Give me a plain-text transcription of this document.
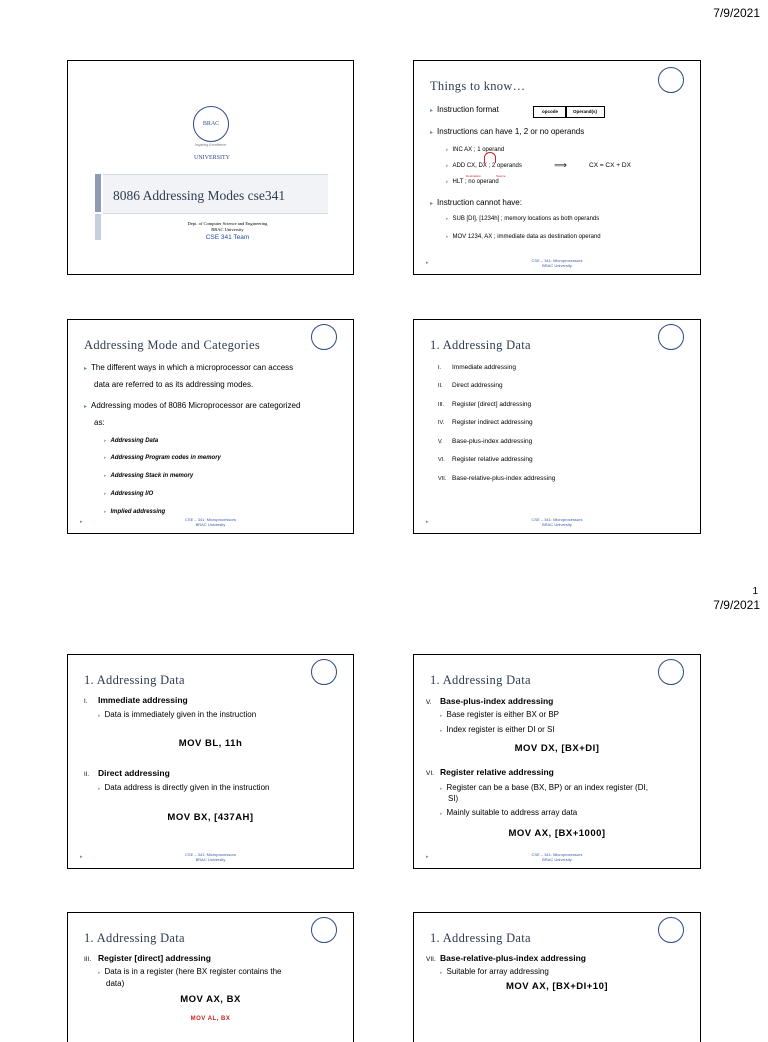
7/9/2021
1
7/9/2021
BRAC UNIVERSITY
Inspiring Excellence
8086 Addressing Modes cse341
Dept. of Computer Science and Engineering
BRAC University
CSE 341 Team
Things to know…
▸ Instruction format	opcode	Operand(s)
▸ Instructions can have 1, 2 or no operands
▸ INC AX ; 1 operand
▸ ADD CX, DX ; 2 operands	⟹	CX = CX + DX
Destination	Source
▸ HLT ; no operand
▸ Instruction cannot have:
▸ SUB [DI], [1234h] ; memory locations as both operands
▸ MOV 1234, AX ; immediate data as destination operand
▸	CSE – 341: Microprocessors
BRAC University
Addressing Mode and Categories
▸ The different ways in which a microprocessor can access
data are referred to as its addressing modes.
▸ Addressing modes of 8086 Microprocessor are categorized
as:
▸ Addressing Data
▸ Addressing Program codes in memory
▸ Addressing Stack in memory
▸ Addressing I/O
▸ Implied addressing
▸	CSE – 341: Microprocessors
BRAC University
1. Addressing Data
I. Immediate addressing
II. Direct addressing
III. Register [direct] addressing
IV. Register indirect addressing
V. Base-plus-index addressing
VI. Register relative addressing
VII. Base-relative-plus-index addressing
▸	CSE – 341: Microprocessors
BRAC University
1. Addressing Data
I. Immediate addressing
▸ Data is immediately given in the instruction
MOV BL, 11h
II. Direct addressing
▸ Data address is directly given in the instruction
MOV BX, [437AH]
▸	CSE – 341: Microprocessors
BRAC University
1. Addressing Data
V. Base-plus-index addressing
▸ Base register is either BX or BP
▸ Index register is either DI or SI
MOV DX, [BX+DI]
VI. Register relative addressing
▸ Register can be a base (BX, BP) or an index register (DI,
SI)
▸ Mainly suitable to address array data
MOV AX, [BX+1000]
▸	CSE – 341: Microprocessors
BRAC University
1. Addressing Data
III. Register [direct] addressing
▸ Data is in a register (here BX register contains the
data)
MOV AX, BX
MOV AL, BX
1. Addressing Data
VII. Base-relative-plus-index addressing
▸ Suitable for array addressing
MOV AX, [BX+DI+10]
